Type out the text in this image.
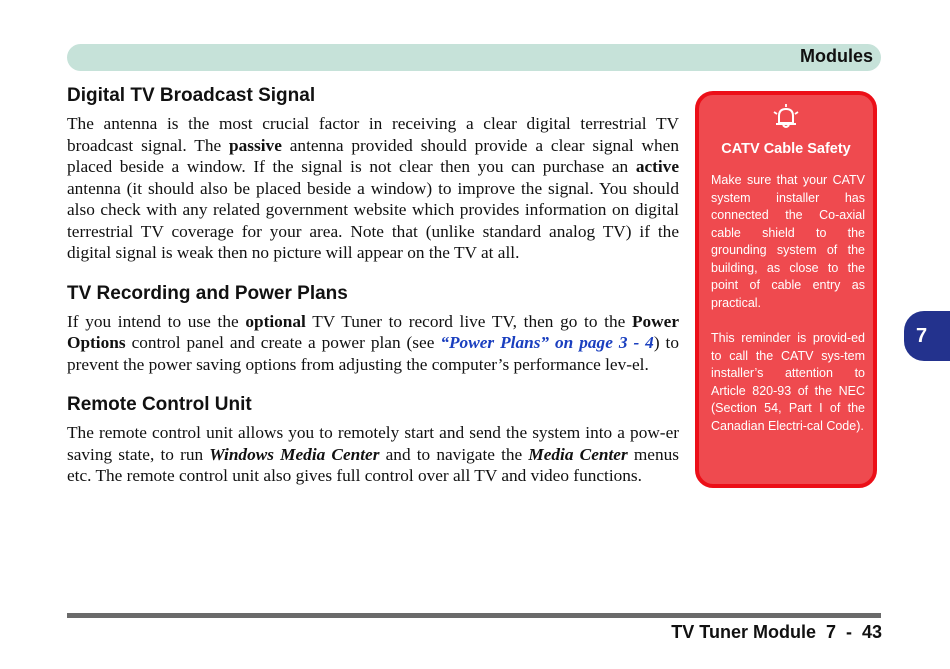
Modules
Digital TV Broadcast Signal

The antenna is the most crucial factor in receiving a clear digital terrestrial TV broadcast signal. The passive antenna provided should provide a clear signal when placed beside a window. If the signal is not clear then you can purchase an active antenna (it should also be placed beside a window) to improve the signal. You should also check with any related government website which provides information on digital terrestrial TV coverage for your area. Note that (unlike standard analog TV) if the digital signal is weak then no picture will appear on the TV at all.

TV Recording and Power Plans

If you intend to use the optional TV Tuner to record live TV, then go to the Power Options control panel and create a power plan (see “Power Plans” on page 3 - 4) to prevent the power saving options from adjusting the computer’s performance lev-el.

Remote Control Unit

The remote control unit allows you to remotely start and send the system into a pow-er saving state, to run Windows Media Center and to navigate the Media Center menus etc. The remote control unit also gives full control over all TV and video functions.

CATV Cable Safety
Make sure that your CATV system installer has connected the Co-axial cable shield to the grounding system of the building, as close to the point of cable entry as practical.
This reminder is provid-ed to call the CATV sys-tem installer’s attention to Article 820-93 of the NEC (Section 54, Part I of the Canadian Electri-cal Code).
7
TV Tuner Module  7  -  43
